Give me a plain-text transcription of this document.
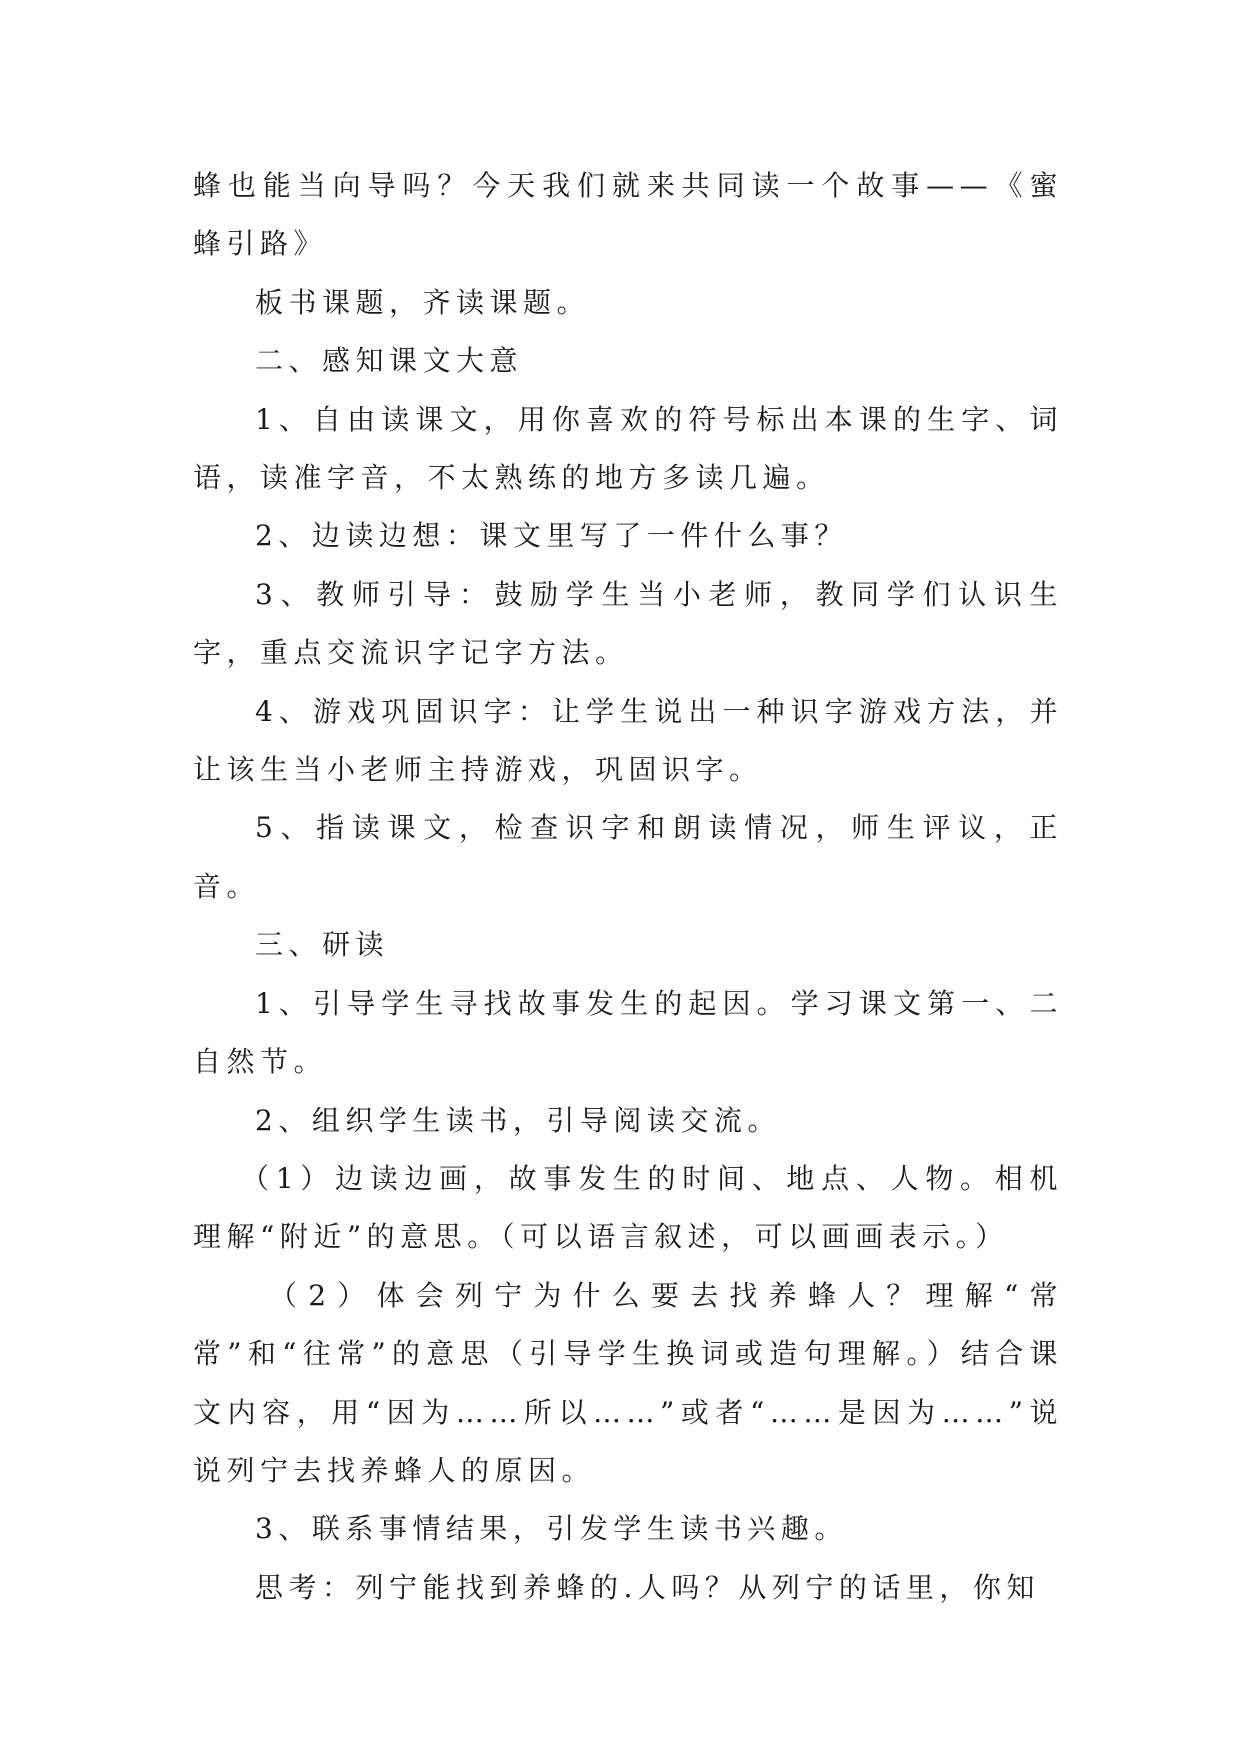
蜂也能当向导吗？今天我们就来共同读一个故事——《蜜蜂引路》

板书课题，齐读课题。

二、感知课文大意

1、自由读课文，用你喜欢的符号标出本课的生字、词语，读准字音，不太熟练的地方多读几遍。

2、边读边想：课文里写了一件什么事？

3、教师引导：鼓励学生当小老师，教同学们认识生字，重点交流识字记字方法。

4、游戏巩固识字：让学生说出一种识字游戏方法，并让该生当小老师主持游戏，巩固识字。

5、指读课文，检查识字和朗读情况，师生评议，正音。

三、研读

1、引导学生寻找故事发生的起因。学习课文第一、二自然节。

2、组织学生读书，引导阅读交流。

（1）边读边画，故事发生的时间、地点、人物。相机理解“附近”的意思。（可以语言叙述，可以画画表示。）

（2）体会列宁为什么要去找养蜂人？理解“常常”和“往常”的意思（引导学生换词或造句理解。）结合课文内容，用“因为……所以……”或者“……是因为……”说说列宁去找养蜂人的原因。

3、联系事情结果，引发学生读书兴趣。

思考：列宁能找到养蜂的.人吗？从列宁的话里，你知
